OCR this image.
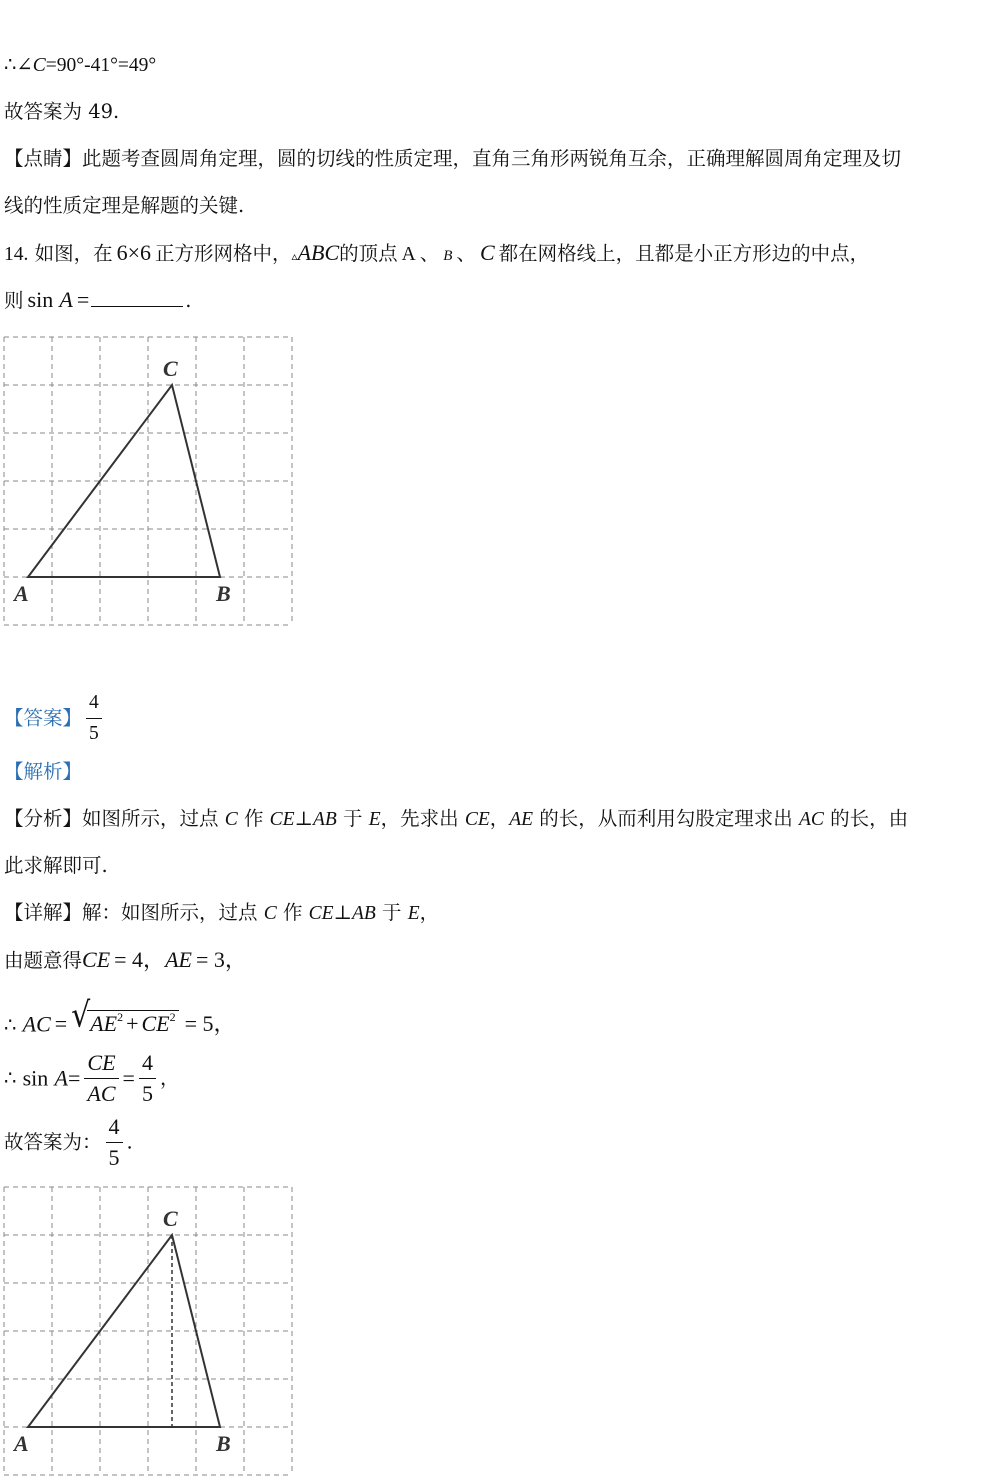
∴∠C=90°-41°=49°
故答案为 49.
【点睛】此题考查圆周角定理，圆的切线的性质定理，直角三角形两锐角互余，正确理解圆周角定理及切
线的性质定理是解题的关键.
14. 如图，在 6×6 正方形网格中，▵ABC的顶点 A 、 B 、 C 都在网格线上，且都是小正方形边的中点，
则 sin A =	.
C
A	B
【答案】 $\frac{4}{5}$
【解析】
【分析】如图所示，过点 C 作 CE⊥AB 于 E，先求出 CE，AE 的长，从而利用勾股定理求出 AC 的长，由
此求解即可.
【详解】解：如图所示，过点 C 作 CE⊥AB 于 E，
由题意得CE = 4，AE = 3，
∴ AC = √ $AE^2 + CE^2 = 5$，
∴ $\sin A= \frac{CE}{AC} = \frac{4}{5}$ ，
故答案为： $\frac{4}{5}$ .
C
A	B
